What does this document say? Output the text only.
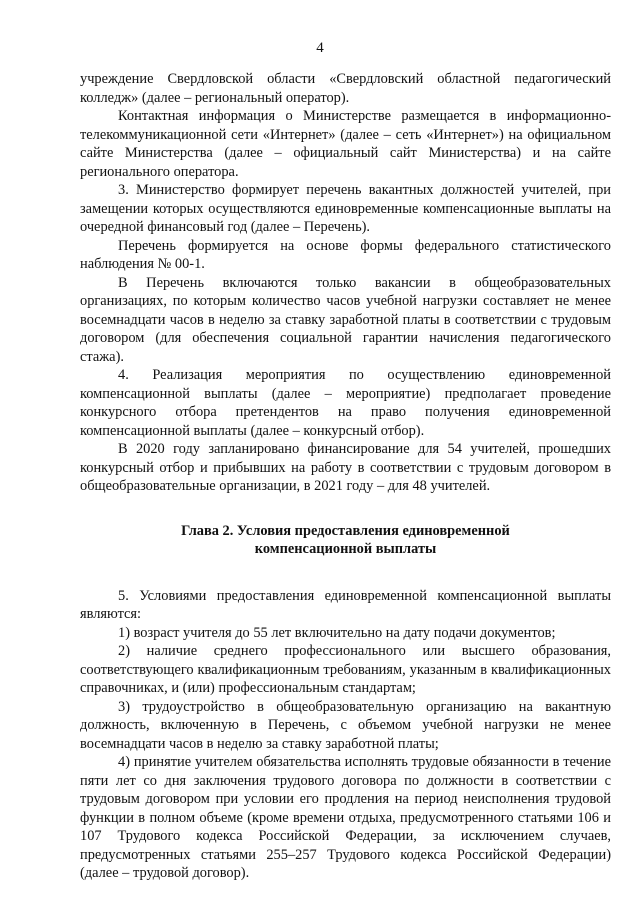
4

учреждение Свердловской области «Свердловский областной педагогический колледж» (далее – региональный оператор).

Контактная информация о Министерстве размещается в информационно-телекоммуникационной сети «Интернет» (далее – сеть «Интернет») на официальном сайте Министерства (далее – официальный сайт Министерства) и на сайте регионального оператора.

3. Министерство формирует перечень вакантных должностей учителей, при замещении которых осуществляются единовременные компенсационные выплаты на очередной финансовый год (далее – Перечень).

Перечень формируется на основе формы федерального статистического наблюдения № 00-1.

В Перечень включаются только вакансии в общеобразовательных организациях, по которым количество часов учебной нагрузки составляет не менее восемнадцати часов в неделю за ставку заработной платы в соответствии с трудовым договором (для обеспечения социальной гарантии начисления педагогического стажа).

4. Реализация мероприятия по осуществлению единовременной компенсационной выплаты (далее – мероприятие) предполагает проведение конкурсного отбора претендентов на право получения единовременной компенсационной выплаты (далее – конкурсный отбор).

В 2020 году запланировано финансирование для 54 учителей, прошедших конкурсный отбор и прибывших на работу в соответствии с трудовым договором в общеобразовательные организации, в 2021 году – для 48 учителей.

Глава 2. Условия предоставления единовременной
компенсационной выплаты

5. Условиями предоставления единовременной компенсационной выплаты являются:

1) возраст учителя до 55 лет включительно на дату подачи документов;

2) наличие среднего профессионального или высшего образования, соответствующего квалификационным требованиям, указанным в квалификационных справочниках, и (или) профессиональным стандартам;

3) трудоустройство в общеобразовательную организацию на вакантную должность, включенную в Перечень, с объемом учебной нагрузки не менее восемнадцати часов в неделю за ставку заработной платы;

4) принятие учителем обязательства исполнять трудовые обязанности в течение пяти лет со дня заключения трудового договора по должности в соответствии с трудовым договором при условии его продления на период неисполнения трудовой функции в полном объеме (кроме времени отдыха, предусмотренного статьями 106 и 107 Трудового кодекса Российской Федерации, за исключением случаев, предусмотренных статьями 255–257 Трудового кодекса Российской Федерации) (далее – трудовой договор).
